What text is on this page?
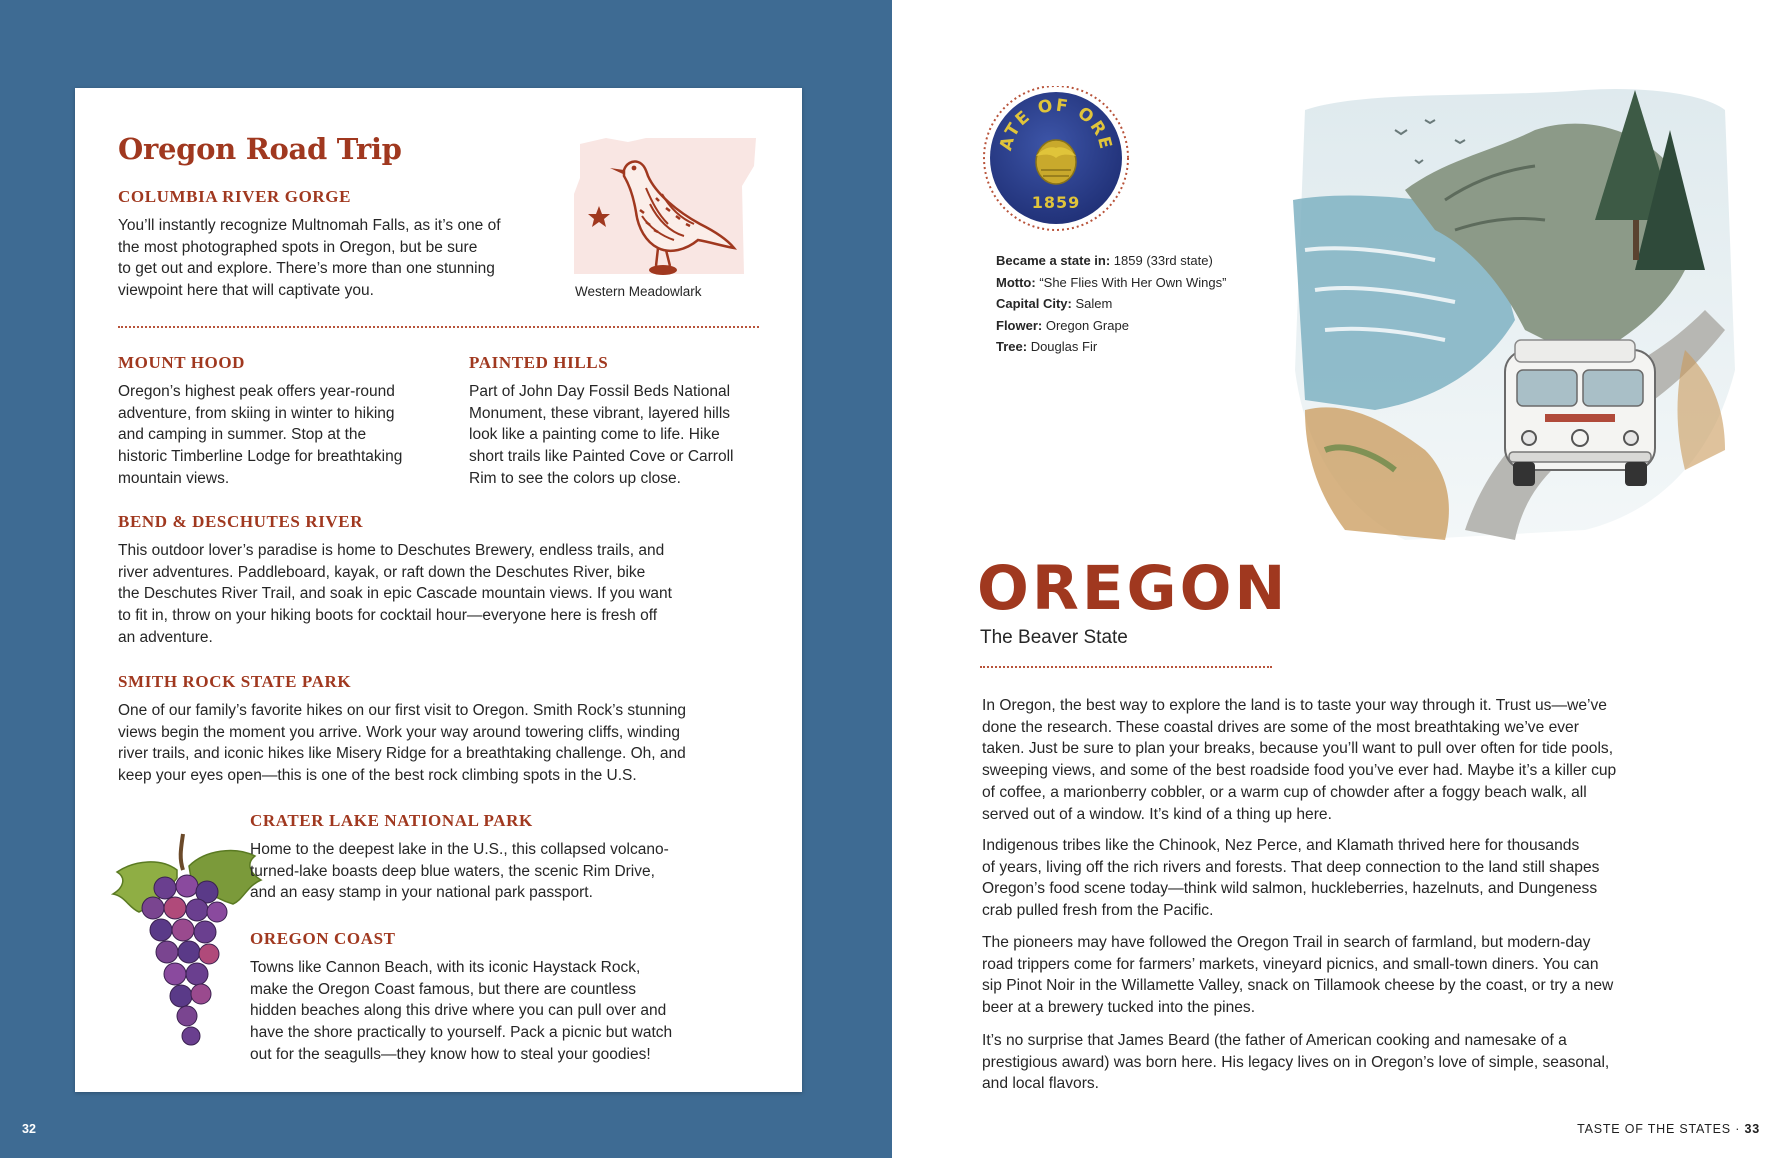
Oregon Road Trip
COLUMBIA RIVER GORGE
You’ll instantly recognize Multnomah Falls, as it’s one of
the most photographed spots in Oregon, but be sure
to get out and explore. There’s more than one stunning
viewpoint here that will captivate you.	Western Meadowlark
MOUNT HOOD
Oregon’s highest peak offers year-round
adventure, from skiing in winter to hiking
and camping in summer. Stop at the
historic Timberline Lodge for breathtaking
mountain views.
PAINTED HILLS
Part of John Day Fossil Beds National
Monument, these vibrant, layered hills
look like a painting come to life. Hike
short trails like Painted Cove or Carroll
Rim to see the colors up close.
BEND & DESCHUTES RIVER
This outdoor lover’s paradise is home to Deschutes Brewery, endless trails, and
river adventures. Paddleboard, kayak, or raft down the Deschutes River, bike
the Deschutes River Trail, and soak in epic Cascade mountain views. If you want
to fit in, throw on your hiking boots for cocktail hour—everyone here is fresh off
an adventure.
SMITH ROCK STATE PARK
One of our family’s favorite hikes on our first visit to Oregon. Smith Rock’s stunning
views begin the moment you arrive. Work your way around towering cliffs, winding
river trails, and iconic hikes like Misery Ridge for a breathtaking challenge. Oh, and
keep your eyes open—this is one of the best rock climbing spots in the U.S.
CRATER LAKE NATIONAL PARK
Home to the deepest lake in the U.S., this collapsed volcano-
turned-lake boasts deep blue waters, the scenic Rim Drive,
and an easy stamp in your national park passport.
OREGON COAST
Towns like Cannon Beach, with its iconic Haystack Rock,
make the Oregon Coast famous, but there are countless
hidden beaches along this drive where you can pull over and
have the shore practically to yourself. Pack a picnic but watch
out for the seagulls—they know how to steal your goodies!
32
ATE OF ORE
1859
Became a state in: 1859 (33rd state)
Motto: “She Flies With Her Own Wings”
Capital City: Salem
Flower: Oregon Grape
Tree: Douglas Fir
OREGON
The Beaver State
In Oregon, the best way to explore the land is to taste your way through it. Trust us—we’ve
done the research. These coastal drives are some of the most breathtaking we’ve ever
taken. Just be sure to plan your breaks, because you’ll want to pull over often for tide pools,
sweeping views, and some of the best roadside food you’ve ever had. Maybe it’s a killer cup
of coffee, a marionberry cobbler, or a warm cup of chowder after a foggy beach walk, all
served out of a window. It’s kind of a thing up here.
Indigenous tribes like the Chinook, Nez Perce, and Klamath thrived here for thousands
of years, living off the rich rivers and forests. That deep connection to the land still shapes
Oregon’s food scene today—think wild salmon, huckleberries, hazelnuts, and Dungeness
crab pulled fresh from the Pacific.
The pioneers may have followed the Oregon Trail in search of farmland, but modern-day
road trippers come for farmers’ markets, vineyard picnics, and small-town diners. You can
sip Pinot Noir in the Willamette Valley, snack on Tillamook cheese by the coast, or try a new
beer at a brewery tucked into the pines.
It’s no surprise that James Beard (the father of American cooking and namesake of a
prestigious award) was born here. His legacy lives on in Oregon’s love of simple, seasonal,
and local flavors.
TASTE OF THE STATES · 33
